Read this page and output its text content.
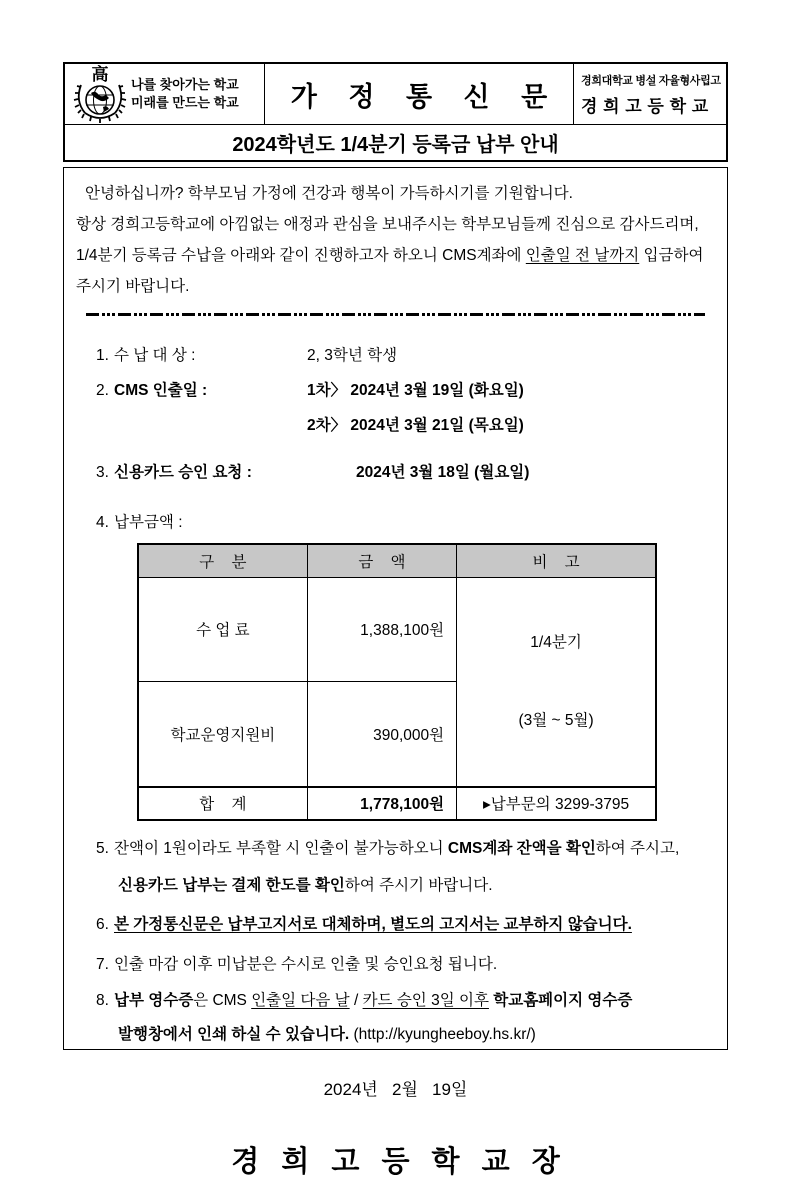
高 나를 찾아가는 학교
미래를 만드는 학교 가 정 통 신 문
경희대학교 병설 자율형사립고
경 희 고 등 학 교
2024학년도 1/4분기 등록금 납부 안내
안녕하십니까? 학부모님 가정에 건강과 행복이 가득하시기를 기원합니다.
항상 경희고등학교에 아낌없는 애정과 관심을 보내주시는 학부모님들께 진심으로 감사드리며, 1/4분기 등록금 수납을 아래와 같이 진행하고자 하오니 CMS계좌에 인출일 전 날까지 입금하여 주시기 바랍니다.
1. 수 납 대 상 :	2, 3학년 학생
2. CMS 인출일 :	1차〉 2024년 3월 19일 (화요일)
2차〉 2024년 3월 21일 (목요일)
3. 신용카드 승인 요청 :	2024년 3월 18일 (월요일)
4. 납부금액 :
구    분	금    액	비    고
수 업 료	1,388,100원	1/4분기

(3월 ~ 5월)

학교운영지원비	390,000원	
합    계	1,778,100원	▸납부문의 3299-3795
5. 잔액이 1원이라도 부족할 시 인출이 불가능하오니 CMS계좌 잔액을 확인하여 주시고,
신용카드 납부는 결제 한도를 확인하여 주시기 바랍니다.
6. 본 가정통신문은 납부고지서로 대체하며, 별도의 고지서는 교부하지 않습니다.
7. 인출 마감 이후 미납분은 수시로 인출 및 승인요청 됩니다.
8. 납부 영수증은 CMS 인출일 다음 날 / 카드 승인 3일 이후 학교홈페이지 영수증
발행창에서 인쇄 하실 수 있습니다. (http://kyungheeboy.hs.kr/)
2024년   2월   19일
경 희 고 등 학 교 장
